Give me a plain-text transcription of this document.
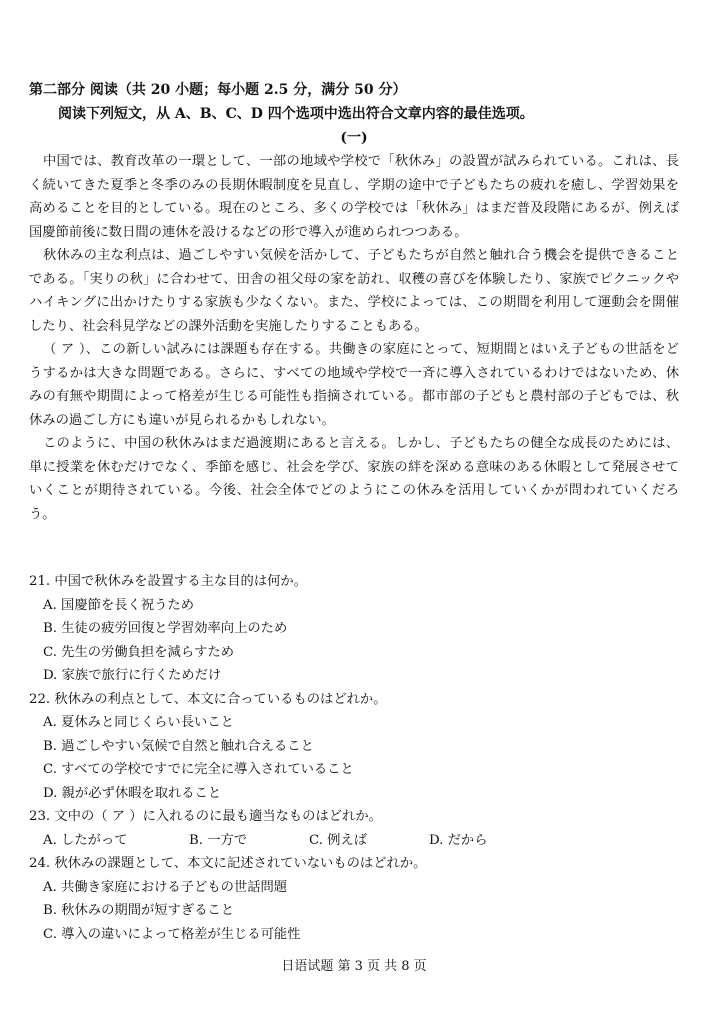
第二部分 阅读（共 20 小题；每小题 2.5 分，满分 50 分）
阅读下列短文，从 A、B、C、D 四个选项中选出符合文章内容的最佳选项。
(一)

中国では、教育改革の一環として、一部の地域や学校で「秋休み」の設置が試みられている。これは、長く続いてきた夏季と冬季のみの長期休暇制度を見直し、学期の途中で子どもたちの疲れを癒し、学習効果を高めることを目的としている。現在のところ、多くの学校では「秋休み」はまだ普及段階にあるが、例えば国慶節前後に数日間の連休を設けるなどの形で導入が進められつつある。

秋休みの主な利点は、過ごしやすい気候を活かして、子どもたちが自然と触れ合う機会を提供できることである。「実りの秋」に合わせて、田舎の祖父母の家を訪れ、収穫の喜びを体験したり、家族でピクニックやハイキングに出かけたりする家族も少なくない。また、学校によっては、この期間を利用して運動会を開催したり、社会科見学などの課外活動を実施したりすることもある。

（ ア ）、この新しい試みには課題も存在する。共働きの家庭にとって、短期間とはいえ子どもの世話をどうするかは大きな問題である。さらに、すべての地域や学校で一斉に導入されているわけではないため、休みの有無や期間によって格差が生じる可能性も指摘されている。都市部の子どもと農村部の子どもでは、秋休みの過ごし方にも違いが見られるかもしれない。

このように、中国の秋休みはまだ過渡期にあると言える。しかし、子どもたちの健全な成長のためには、単に授業を休むだけでなく、季節を感じ、社会を学び、家族の絆を深める意味のある休暇として発展させていくことが期待されている。今後、社会全体でどのようにこの休みを活用していくかが問われていくだろう。

21. 中国で秋休みを設置する主な目的は何か。

A. 国慶節を長く祝うため

B. 生徒の疲労回復と学習効率向上のため

C. 先生の労働負担を減らすため

D. 家族で旅行に行くためだけ

22. 秋休みの利点として、本文に合っているものはどれか。

A. 夏休みと同じくらい長いこと

B. 過ごしやすい気候で自然と触れ合えること

C. すべての学校ですでに完全に導入されていること

D. 親が必ず休暇を取れること

23. 文中の（ ア ）に入れるのに最も適当なものはどれか。

A. したがって	B. 一方で	C. 例えば	D. だから

24. 秋休みの課題として、本文に記述されていないものはどれか。

A. 共働き家庭における子どもの世話問題

B. 秋休みの期間が短すぎること

C. 導入の違いによって格差が生じる可能性

日语试题 第 3 页 共 8 页
